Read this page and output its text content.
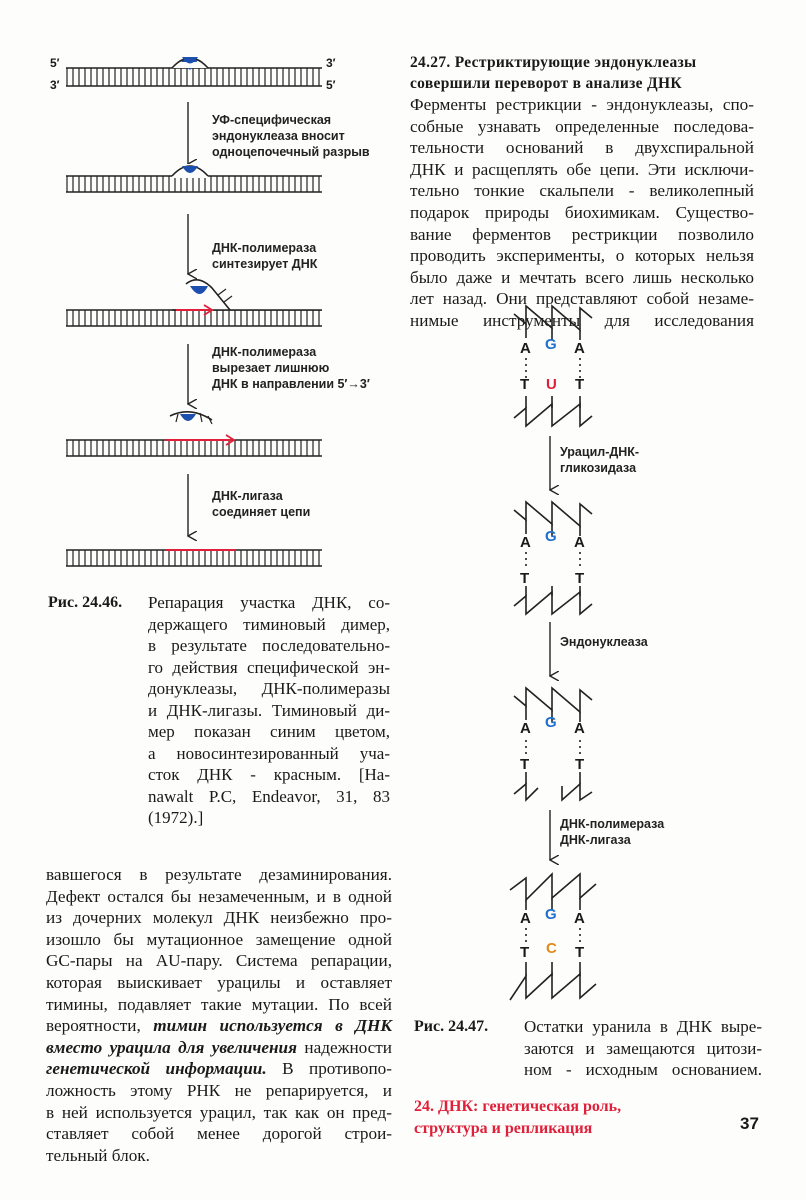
5′
3′
3′
5′
УФ-специфическая
эндонуклеаза вносит
одноцепочечный разрыв
ДНК-полимераза
синтезирует ДНК
ДНК-полимераза
вырезает лишнюю
ДНК в направлении 5′→3′
ДНК-лигаза
соединяет цепи
Рис. 24.46. Репарация участка ДНК, со-
держащего тиминовый димер,
в результате последовательно-
го действия специфической эн-
донуклеазы, ДНК-полимеразы
и ДНК-лигазы. Тиминовый ди-
мер показан синим цветом,
а новосинтезированный уча-
сток ДНК - красным. [Ha-
nawalt P.C, Endeavor, 31, 83
(1972).]
вавшегося в результате дезаминирования.
Дефект остался бы незамеченным, и в одной
из дочерних молекул ДНК неизбежно про-
изошло бы мутационное замещение одной
GC-пары на AU-пару. Система репарации,
которая выискивает урацилы и оставляет
тимины, подавляет такие мутации. По всей
вероятности, тимин используется в ДНК
вместо урацила для увеличения надежности
генетической информации. В противопо-
ложность этому РНК не репарируется, и
в ней используется урацил, так как он пред-
ставляет собой менее дорогой строи-
тельный блок.
24.27. Рестриктирующие эндонуклеазы
совершили переворот в анализе ДНК
Ферменты рестрикции - эндонуклеазы, спо-
собные узнавать определенные последова-
тельности оснований в двухспиральной
ДНК и расщеплять обе цепи. Эти исключи-
тельно тонкие скальпели - великолепный
подарок природы биохимикам. Существо-
вание ферментов рестрикции позволило
проводить эксперименты, о которых нельзя
было даже и мечтать всего лишь несколько
лет назад. Они представляют собой незаме-
нимые инструменты для исследования
A G A
T U T
A G A
T	T
A G A
T	T
A G A
T C T
Урацил-ДНК-
гликозидаза
Эндонуклеаза
ДНК-полимераза
ДНК-лигаза
Рис. 24.47. Остатки уранила в ДНК выре-
заются и замещаются цитози-
ном - исходным основанием.
24. ДНК: генетическая роль,
структура и репликация	37
